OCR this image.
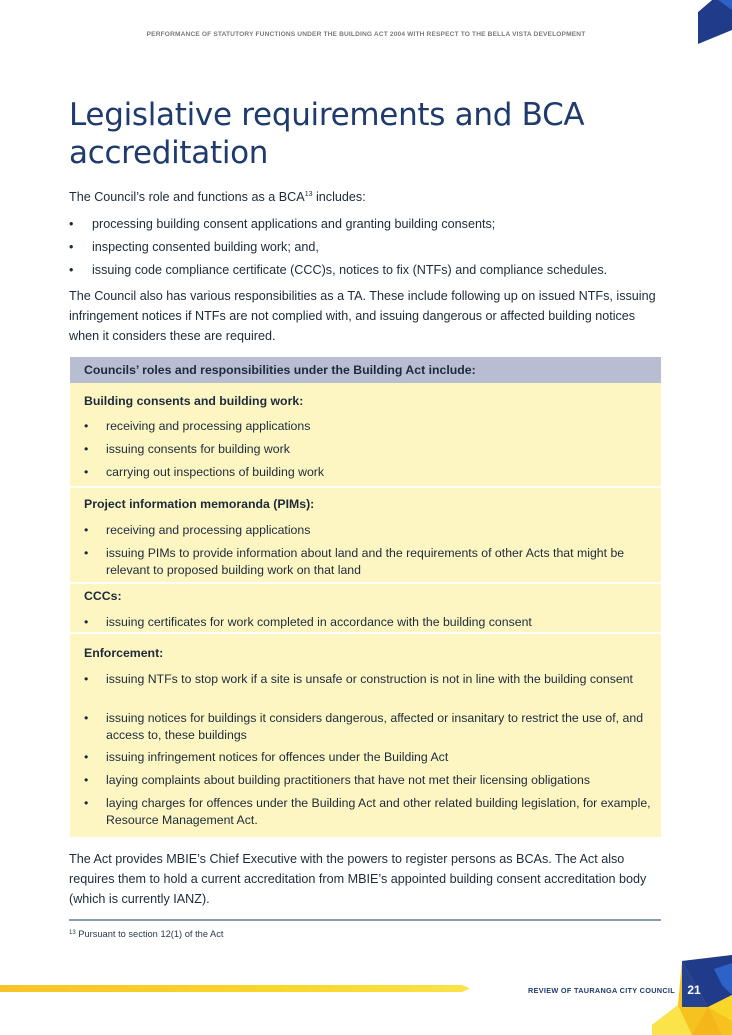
PERFORMANCE OF STATUTORY FUNCTIONS UNDER THE BUILDING ACT 2004 WITH RESPECT TO THE BELLA VISTA DEVELOPMENT
Legislative requirements and BCA accreditation

The Council’s role and functions as a BCA$^{13}$ includes:

• processing building consent applications and granting building consents;
• inspecting consented building work; and,
• issuing code compliance certificate (CCC)s, notices to fix (NTFs) and compliance schedules.

The Council also has various responsibilities as a TA. These include following up on issued NTFs, issuing infringement notices if NTFs are not complied with, and issuing dangerous or affected building notices when it considers these are required.

Councils’ roles and responsibilities under the Building Act include:
Building consents and building work:
• receiving and processing applications
• issuing consents for building work
• carrying out inspections of building work
Project information memoranda (PIMs):
• receiving and processing applications
• issuing PIMs to provide information about land and the requirements of other Acts that might be relevant to proposed building work on that land
CCCs:
• issuing certificates for work completed in accordance with the building consent
Enforcement:
• issuing NTFs to stop work if a site is unsafe or construction is not in line with the building consent
• issuing notices for buildings it considers dangerous, affected or insanitary to restrict the use of, and access to, these buildings
• issuing infringement notices for offences under the Building Act
• laying complaints about building practitioners that have not met their licensing obligations
• laying charges for offences under the Building Act and other related building legislation, for example, Resource Management Act.

The Act provides MBIE’s Chief Executive with the powers to register persons as BCAs. The Act also requires them to hold a current accreditation from MBIE’s appointed building consent accreditation body (which is currently IANZ).

$^{13}$ Pursuant to section 12(1) of the Act
REVIEW OF TAURANGA CITY COUNCIL	21
